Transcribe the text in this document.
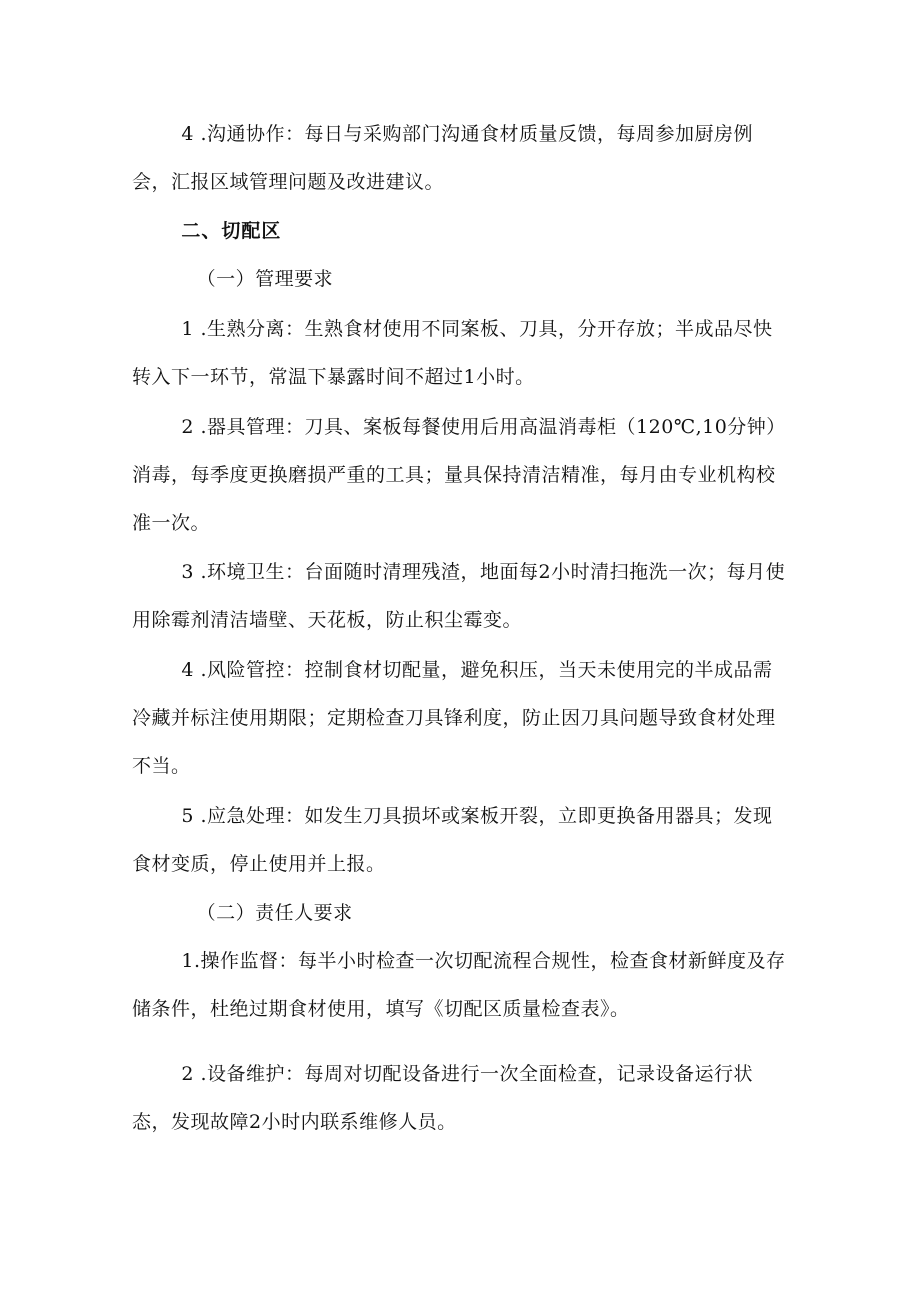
4 .沟通协作：每日与采购部门沟通食材质量反馈，每周参加厨房例会，汇报区域管理问题及改进建议。

二、切配区

（一）管理要求

1 .生熟分离：生熟食材使用不同案板、刀具，分开存放；半成品尽快转入下一环节，常温下暴露时间不超过1小时。

2 .器具管理：刀具、案板每餐使用后用高温消毒柜（120℃,10分钟）消毒，每季度更换磨损严重的工具；量具保持清洁精准，每月由专业机构校准一次。

3 .环境卫生：台面随时清理残渣，地面每2小时清扫拖洗一次；每月使用除霉剂清洁墙壁、天花板，防止积尘霉变。

4 .风险管控：控制食材切配量，避免积压，当天未使用完的半成品需冷藏并标注使用期限；定期检查刀具锋利度，防止因刀具问题导致食材处理不当。

5 .应急处理：如发生刀具损坏或案板开裂，立即更换备用器具；发现食材变质，停止使用并上报。

（二）责任人要求

1.操作监督：每半小时检查一次切配流程合规性，检查食材新鲜度及存储条件，杜绝过期食材使用，填写《切配区质量检查表》。

2 .设备维护：每周对切配设备进行一次全面检查，记录设备运行状态，发现故障2小时内联系维修人员。
